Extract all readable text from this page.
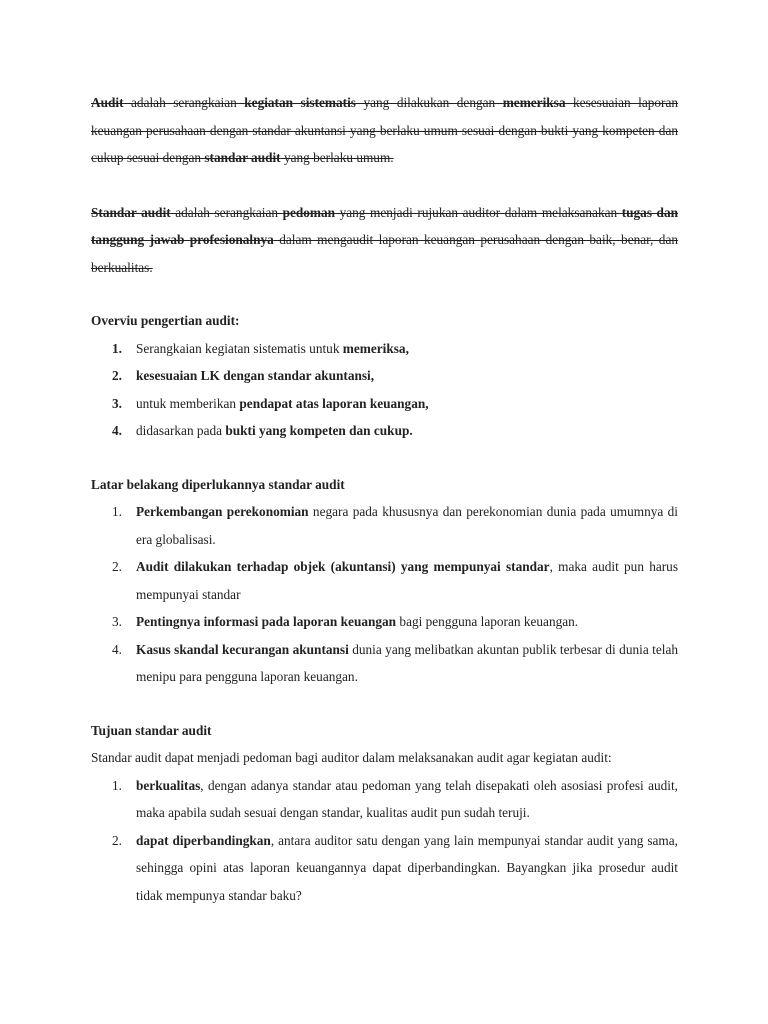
Audit adalah serangkaian kegiatan sistematis yang dilakukan dengan memeriksa kesesuaian laporan keuangan perusahaan dengan standar akuntansi yang berlaku umum sesuai dengan bukti yang kompeten dan cukup sesuai dengan standar audit yang berlaku umum.

Standar audit adalah serangkaian pedoman yang menjadi rujukan auditor dalam melaksanakan tugas dan tanggung jawab profesionalnya dalam mengaudit laporan keuangan perusahaan dengan baik, benar, dan berkualitas.

Overviu pengertian audit:

1. Serangkaian kegiatan sistematis untuk memeriksa,
2. kesesuaian LK dengan standar akuntansi,
3. untuk memberikan pendapat atas laporan keuangan,
4. didasarkan pada bukti yang kompeten dan cukup.

Latar belakang diperlukannya standar audit

1. Perkembangan perekonomian negara pada khususnya dan perekonomian dunia pada umumnya di era globalisasi.
2. Audit dilakukan terhadap objek (akuntansi) yang mempunyai standar, maka audit pun harus mempunyai standar
3. Pentingnya informasi pada laporan keuangan bagi pengguna laporan keuangan.
4. Kasus skandal kecurangan akuntansi dunia yang melibatkan akuntan publik terbesar di dunia telah menipu para pengguna laporan keuangan.

Tujuan standar audit

Standar audit dapat menjadi pedoman bagi auditor dalam melaksanakan audit agar kegiatan audit:

1. berkualitas, dengan adanya standar atau pedoman yang telah disepakati oleh asosiasi profesi audit, maka apabila sudah sesuai dengan standar, kualitas audit pun sudah teruji.
2. dapat diperbandingkan, antara auditor satu dengan yang lain mempunyai standar audit yang sama, sehingga opini atas laporan keuangannya dapat diperbandingkan. Bayangkan jika prosedur audit tidak mempunya standar baku?
